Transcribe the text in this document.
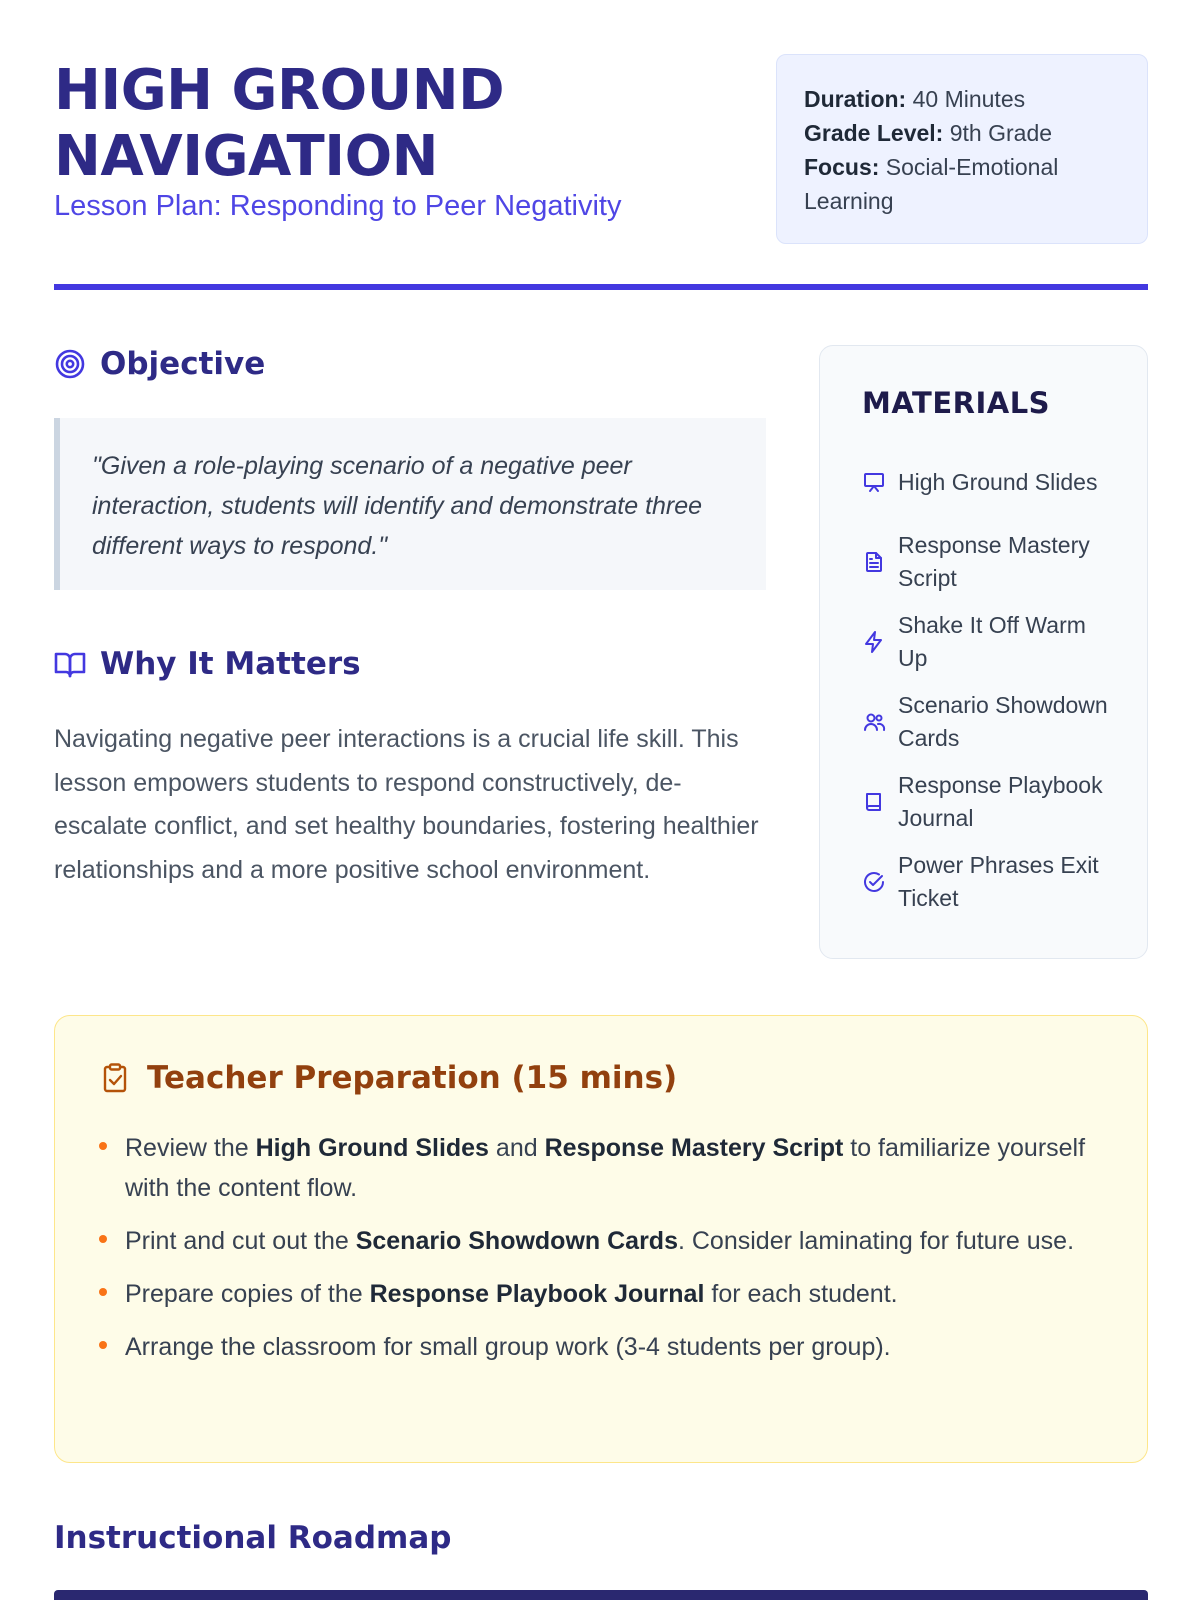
HIGH GROUND
NAVIGATION
Lesson Plan: Responding to Peer Negativity
Duration: 40 Minutes
Grade Level: 9th Grade
Focus: Social-Emotional Learning
Objective
"Given a role-playing scenario of a negative peer interaction, students will identify and demonstrate three different ways to respond."
Why It Matters
Navigating negative peer interactions is a crucial life skill. This lesson empowers students to respond constructively, de-escalate conflict, and set healthy boundaries, fostering healthier relationships and a more positive school environment.
MATERIALS
High Ground Slides
Response Mastery Script
Shake It Off Warm Up
Scenario Showdown Cards
Response Playbook Journal
Power Phrases Exit Ticket
Teacher Preparation (15 mins)
Review the High Ground Slides and Response Mastery Script to familiarize yourself with the content flow.
Print and cut out the Scenario Showdown Cards. Consider laminating for future use.
Prepare copies of the Response Playbook Journal for each student.
Arrange the classroom for small group work (3-4 students per group).
Instructional Roadmap
